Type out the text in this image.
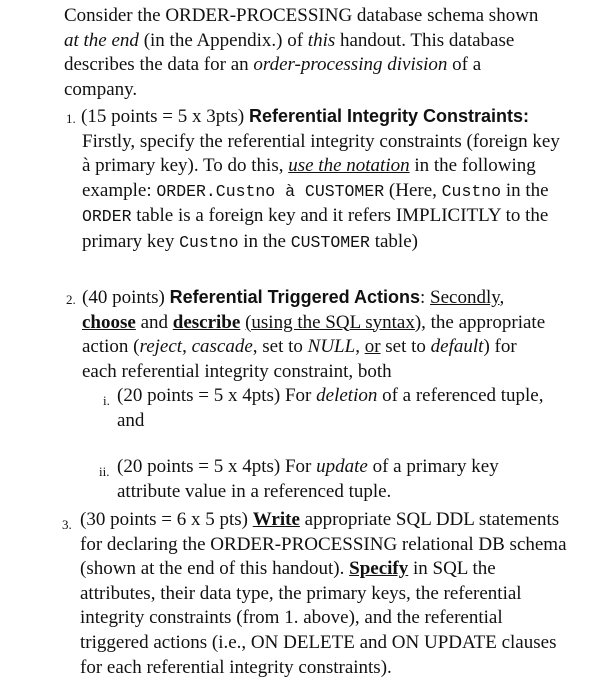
Consider the ORDER-PROCESSING database schema shown at the end (in the Appendix.) of this handout. This database describes the data for an order-processing division of a company.
1. (15 points = 5 x 3pts) Referential Integrity Constraints: Firstly, specify the referential integrity constraints (foreign key à primary key). To do this, use the notation in the following example: ORDER.Custno à CUSTOMER (Here, Custno in the ORDER table is a foreign key and it refers IMPLICITLY to the primary key Custno in the CUSTOMER table)
2. (40 points) Referential Triggered Actions: Secondly, choose and describe (using the SQL syntax), the appropriate action (reject, cascade, set to NULL, or set to default) for each referential integrity constraint, both
i. (20 points = 5 x 4pts) For deletion of a referenced tuple, and
ii. (20 points = 5 x 4pts) For update of a primary key attribute value in a referenced tuple.
3. (30 points = 6 x 5 pts) Write appropriate SQL DDL statements for declaring the ORDER-PROCESSING relational DB schema (shown at the end of this handout). Specify in SQL the attributes, their data type, the primary keys, the referential integrity constraints (from 1. above), and the referential triggered actions (i.e., ON DELETE and ON UPDATE clauses for each referential integrity constraints).
